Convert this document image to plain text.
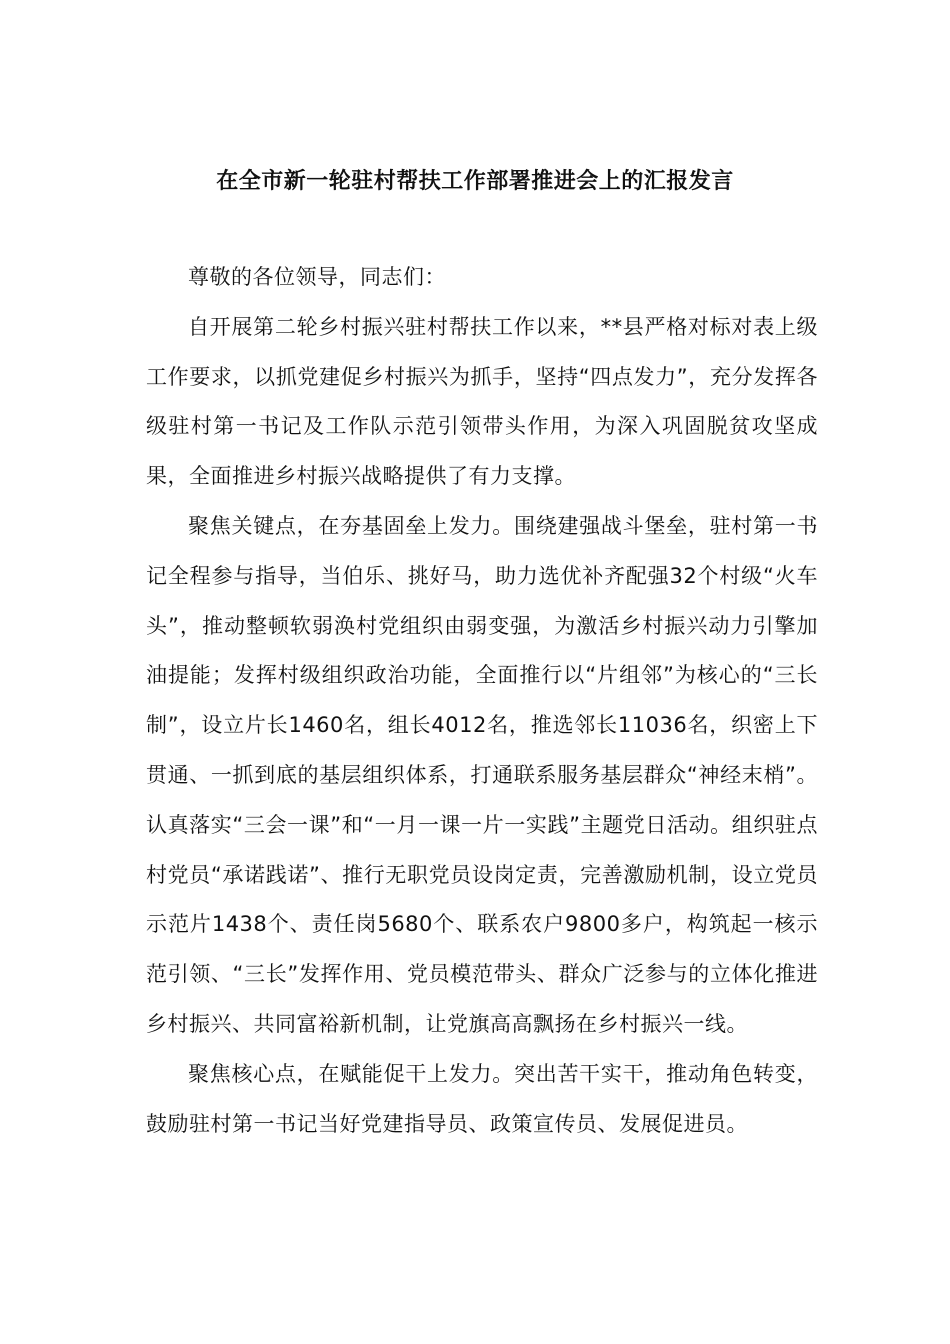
在全市新一轮驻村帮扶工作部署推进会上的汇报发言

尊敬的各位领导，同志们：

自开展第二轮乡村振兴驻村帮扶工作以来，**县严格对标对表上级工作要求，以抓党建促乡村振兴为抓手，坚持“四点发力”，充分发挥各级驻村第一书记及工作队示范引领带头作用，为深入巩固脱贫攻坚成果，全面推进乡村振兴战略提供了有力支撑。

聚焦关键点，在夯基固垒上发力。围绕建强战斗堡垒，驻村第一书记全程参与指导，当伯乐、挑好马，助力选优补齐配强32个村级“火车头”，推动整顿软弱涣村党组织由弱变强，为激活乡村振兴动力引擎加油提能；发挥村级组织政治功能，全面推行以“片组邻”为核心的“三长制”，设立片长1460名，组长4012名，推选邻长11036名，织密上下贯通、一抓到底的基层组织体系，打通联系服务基层群众“神经末梢”。认真落实“三会一课”和“一月一课一片一实践”主题党日活动。组织驻点村党员“承诺践诺”、推行无职党员设岗定责，完善激励机制，设立党员示范片1438个、责任岗5680个、联系农户9800多户，构筑起一核示范引领、“三长”发挥作用、党员模范带头、群众广泛参与的立体化推进乡村振兴、共同富裕新机制，让党旗高高飘扬在乡村振兴一线。

聚焦核心点，在赋能促干上发力。突出苦干实干，推动角色转变，鼓励驻村第一书记当好党建指导员、政策宣传员、发展促进员。
